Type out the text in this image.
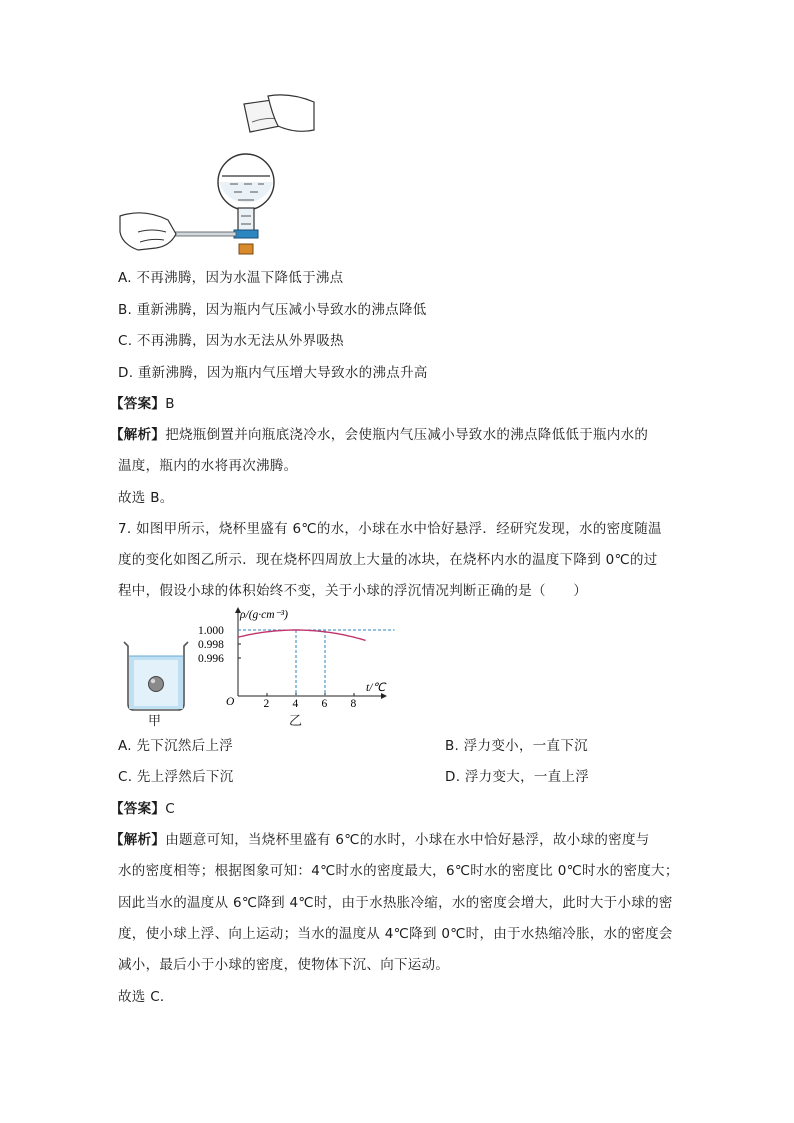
A. 不再沸腾，因为水温下降低于沸点
B. 重新沸腾，因为瓶内气压减小导致水的沸点降低
C. 不再沸腾，因为水无法从外界吸热
D. 重新沸腾，因为瓶内气压增大导致水的沸点升高
【答案】B
【解析】把烧瓶倒置并向瓶底浇冷水，会使瓶内气压减小导致水的沸点降低低于瓶内水的
温度，瓶内的水将再次沸腾。
故选 B。
7. 如图甲所示，烧杯里盛有 6℃的水，小球在水中恰好悬浮．经研究发现，水的密度随温
度的变化如图乙所示．现在烧杯四周放上大量的冰块，在烧杯内水的温度下降到 0℃的过
程中，假设小球的体积始终不变，关于小球的浮沉情况判断正确的是（　　）
甲
ρ/(g·cm⁻³)
t/℃
O	2 4 6 8
1.000
0.998
0.996
乙
A. 先下沉然后上浮	B. 浮力变小，一直下沉
C. 先上浮然后下沉	D. 浮力变大，一直上浮
【答案】C
【解析】由题意可知，当烧杯里盛有 6℃的水时，小球在水中恰好悬浮，故小球的密度与
水的密度相等；根据图象可知：4℃时水的密度最大，6℃时水的密度比 0℃时水的密度大；
因此当水的温度从 6℃降到 4℃时，由于水热胀冷缩，水的密度会增大，此时大于小球的密
度，使小球上浮、向上运动；当水的温度从 4℃降到 0℃时，由于水热缩冷胀，水的密度会
减小，最后小于小球的密度，使物体下沉、向下运动。
故选 C．
